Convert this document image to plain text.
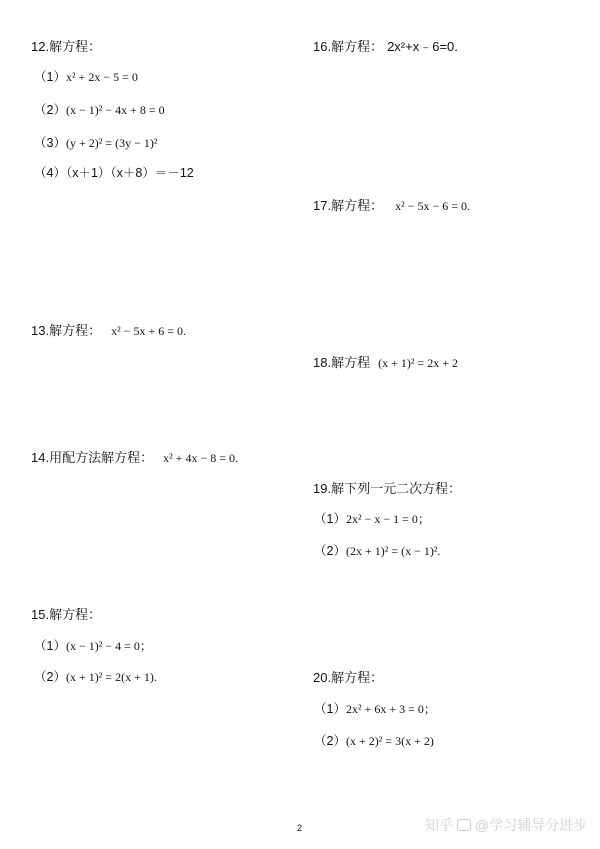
12.解方程：
（1）x² + 2x − 5 = 0
（2）(x − 1)² − 4x + 8 = 0
（3）(y + 2)² = (3y − 1)²
（4）（x＋1）（x＋8）＝－12
13.解方程： x² − 5x + 6 = 0.
14.用配方法解方程： x² + 4x − 8 = 0.
15.解方程：
（1）(x − 1)² − 4 = 0；
（2）(x + 1)² = 2(x + 1).
16.解方程： 2x²+x﹣6=0.
17.解方程： x² − 5x − 6 = 0.
18.解方程 (x + 1)² = 2x + 2
19.解下列一元二次方程：
（1）2x² − x − 1 = 0；
（2）(2x + 1)² = (x − 1)².
20.解方程：
（1）2x² + 6x + 3 = 0；
（2）(x + 2)² = 3(x + 2)
2	知乎 @学习辅导分进步
